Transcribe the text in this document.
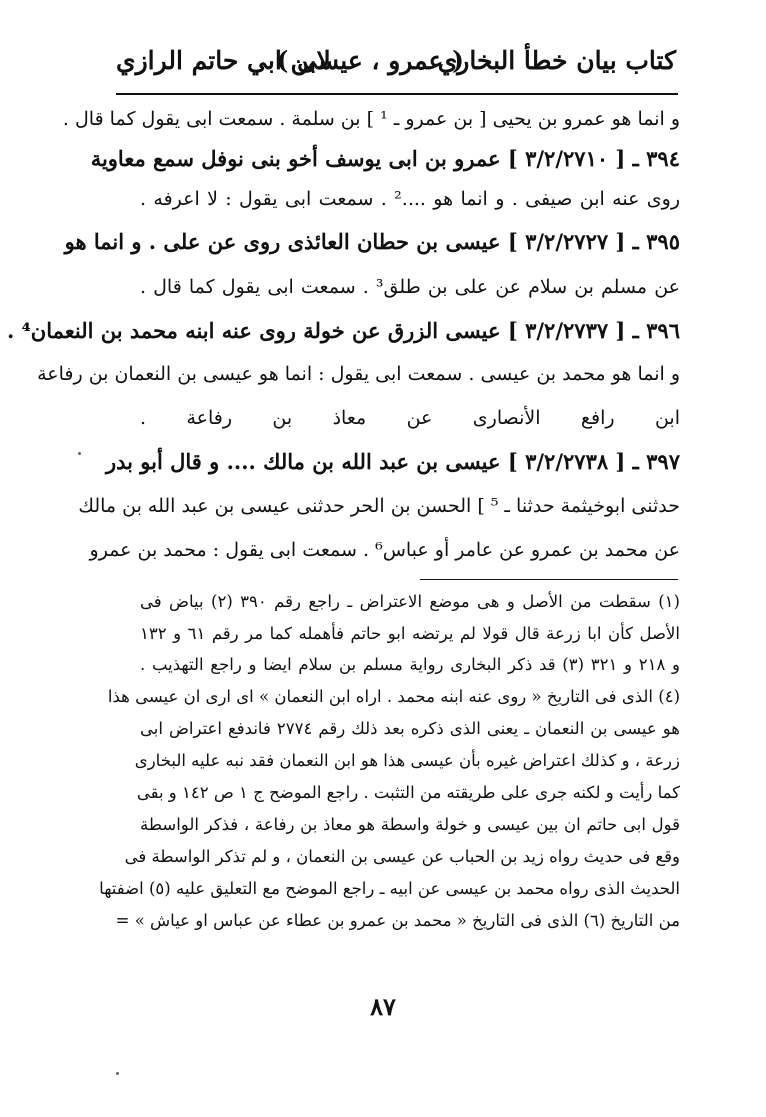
كتاب بيان خطأ البخاري
( عمرو ، عيسى )
لابن ابي حاتم الرازي
و انما هو عمرو بن يحيى [ بن عمرو ـ ¹ ] بن سلمة . سمعت ابى يقول كما قال .
٣٩٤ ـ [ ٣/٢/٢٧١٠ ] عمرو بن ابى يوسف أخو بنى نوفل سمع معاوية
روى عنه ابن صيفى . و انما هو ....² . سمعت ابى يقول : لا اعرفه .
٣٩٥ ـ [ ٣/٢/٢٧٢٧ ] عيسى بن حطان العائذى روى عن على . و انما هو
عن مسلم بن سلام عن على بن طلق³ . سمعت ابى يقول كما قال .
٣٩٦ ـ [ ٣/٢/٢٧٣٧ ] عيسى الزرق عن خولة روى عنه ابنه محمد بن النعمان⁴ .
و انما هو محمد بن عيسى . سمعت ابى يقول : انما هو عيسى بن النعمان بن رفاعة
ابن رافع الأنصارى عن معاذ بن رفاعة .
٣٩٧ ـ [ ٣/٢/٢٧٣٨ ] عيسى بن عبد الله بن مالك .... و قال أبو بدر
حدثنى ابوخيثمة حدثنا ـ ⁵ ] الحسن بن الحر حدثنى عيسى بن عبد الله بن مالك
عن محمد بن عمرو عن عامر أو عباس⁶ . سمعت ابى يقول : محمد بن عمرو
(١) سقطت من الأصل و هى موضع الاعتراض ـ راجع رقم ٣٩٠ (٢) بياض فى
الأصل كأن ابا زرعة قال قولا لم يرتضه ابو حاتم فأهمله كما مر رقم ٦١ و ١٣٢
و ٢١٨ و ٣٢١ (٣) قد ذكر البخارى رواية مسلم بن سلام ايضا و راجع التهذيب .
(٤) الذى فى التاريخ « روى عنه ابنه محمد . اراه ابن النعمان » اى ارى ان عيسى هذا
هو عيسى بن النعمان ـ يعنى الذى ذكره بعد ذلك رقم ٢٧٧٤ فاندفع اعتراض ابى
زرعة ، و كذلك اعتراض غيره بأن عيسى هذا هو ابن النعمان فقد نبه عليه البخارى
كما رأيت و لكنه جرى على طريقته من التثبت . راجع الموضح ج ١ ص ١٤٢ و بقى
قول ابى حاتم ان بين عيسى و خولة واسطة هو معاذ بن رفاعة ، فذكر الواسطة
وقع فى حديث رواه زيد بن الحباب عن عيسى بن النعمان ، و لم تذكر الواسطة فى
الحديث الذى رواه محمد بن عيسى عن ابيه ـ راجع الموضح مع التعليق عليه (٥) اضفتها
من التاريخ (٦) الذى فى التاريخ « محمد بن عمرو بن عطاء عن عباس او عياش » =
٨٧
